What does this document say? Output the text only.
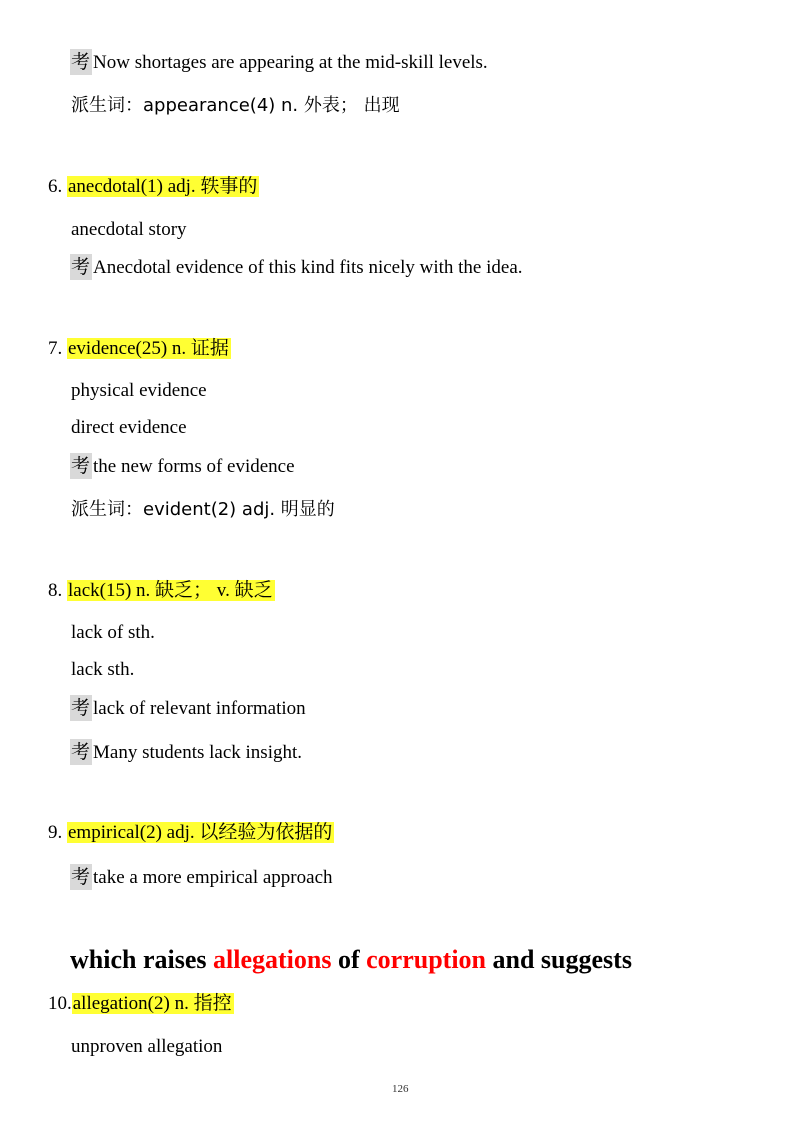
考 Now shortages are appearing at the mid-skill levels.
派生词：appearance(4) n. 外表； 出现
6. anecdotal(1) adj. 轶事的
anecdotal story
考 Anecdotal evidence of this kind fits nicely with the idea.
7. evidence(25) n. 证据
physical evidence
direct evidence
考 the new forms of evidence
派生词：evident(2) adj. 明显的
8. lack(15) n. 缺乏； v. 缺乏
lack of sth.
lack sth.
考 lack of relevant information
考 Many students lack insight.
9. empirical(2) adj. 以经验为依据的
考 take a more empirical approach
which raises allegations of corruption and suggests
10.allegation(2) n. 指控
unproven allegation
126
